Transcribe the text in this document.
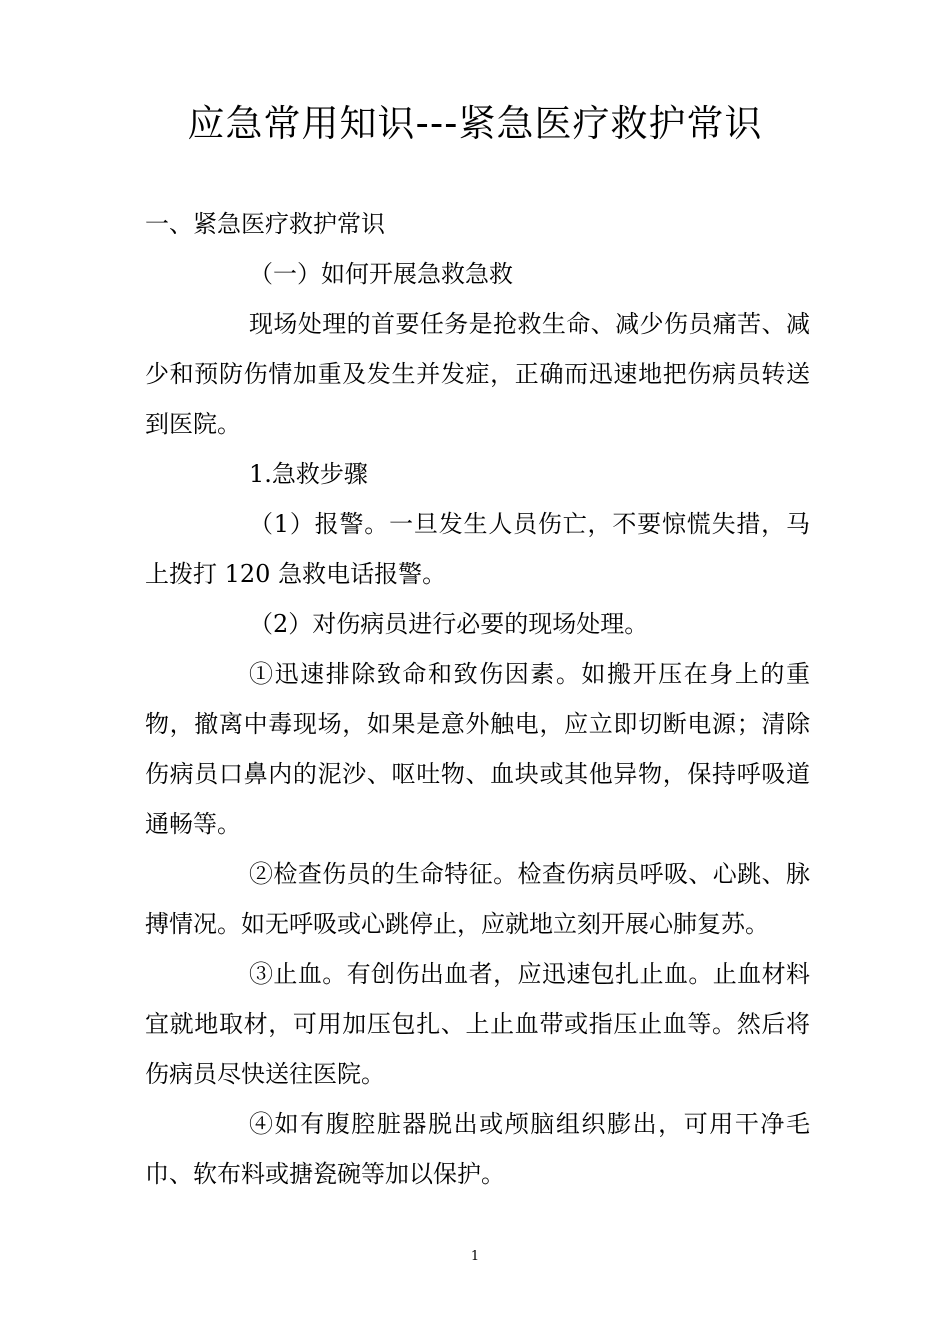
应急常用知识---紧急医疗救护常识

一、紧急医疗救护常识

（一）如何开展急救急救

现场处理的首要任务是抢救生命、减少伤员痛苦、减少和预防伤情加重及发生并发症，正确而迅速地把伤病员转送到医院。

1.急救步骤

（1）报警。一旦发生人员伤亡，不要惊慌失措，马上拨打 120 急救电话报警。

（2）对伤病员进行必要的现场处理。

①迅速排除致命和致伤因素。如搬开压在身上的重物，撤离中毒现场，如果是意外触电，应立即切断电源；清除伤病员口鼻内的泥沙、呕吐物、血块或其他异物，保持呼吸道通畅等。

②检查伤员的生命特征。检查伤病员呼吸、心跳、脉搏情况。如无呼吸或心跳停止，应就地立刻开展心肺复苏。

③止血。有创伤出血者，应迅速包扎止血。止血材料宜就地取材，可用加压包扎、上止血带或指压止血等。然后将伤病员尽快送往医院。

④如有腹腔脏器脱出或颅脑组织膨出，可用干净毛巾、软布料或搪瓷碗等加以保护。

1
